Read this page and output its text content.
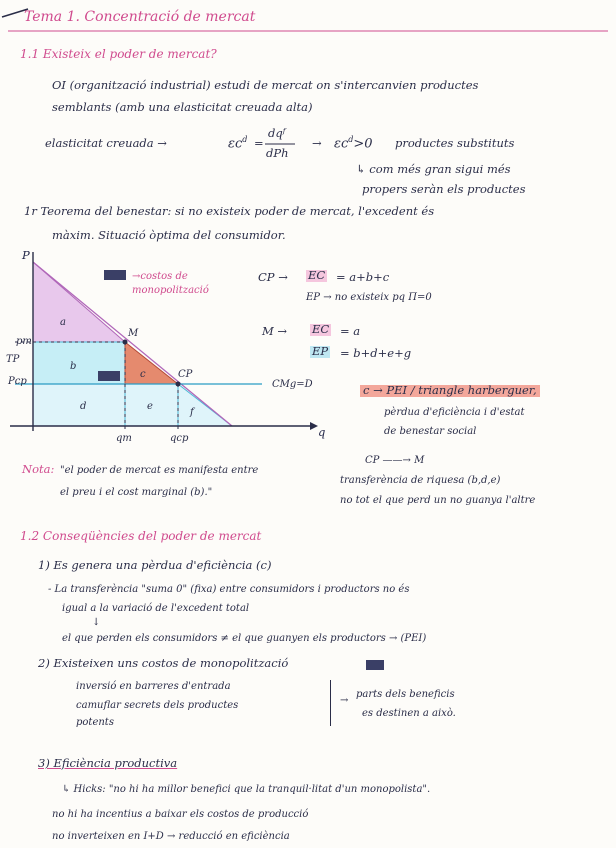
Tema 1. Concentració de mercat
1.1 Existeix el poder de mercat?
OI (organització industrial) estudi de mercat on s'intercanvien productes
semblants (amb una elasticitat creuada alta)
elasticitat creuada →	$\varepsilon c^d$ =
dqᶠ
dPh
→ $\varepsilon c^d>0$ productes substituts
↳ com més gran sigui més
propers seràn els productes
1r Teorema del benestar: si no existeix poder de mercat, l'excedent és
màxim. Situació òptima del consumidor.
P
q
pm
TP
Pcp
qm	qcp
M
CP
CMg=D
a
b
c
d	e
f
→costos de
monopolització
CP → EC = a+b+c
EP → no existeix pq Π=0
M → EC = a
EP = b+d+e+g
c → PEI / triangle harberguer,
pèrdua d'eficiència i d'estat
de benestar social
CP ——→ M
transferència de riquesa (b,d,e)
no tot el que perd un no guanya l'altre
Nota: "el poder de mercat es manifesta entre
el preu i el cost marginal (b)."
1.2 Conseqüències del poder de mercat
1) Es genera una pèrdua d'eficiència (c)
- La transferència "suma 0" (fixa) entre consumidors i productors no és
igual a la variació de l'excedent total
↓
el que perden els consumidors ≠ el que guanyen els productors → (PEI)
2) Existeixen uns costos de monopolització
inversió en barreres d'entrada
camuflar secrets dels productes
potents
→
parts dels beneficis
es destinen a això.
3) Eficiència productiva
↳ Hicks: "no hi ha millor benefici que la tranquil·litat d'un monopolista".
no hi ha incentius a baixar els costos de producció
no inverteixen en I+D → reducció en eficiència
